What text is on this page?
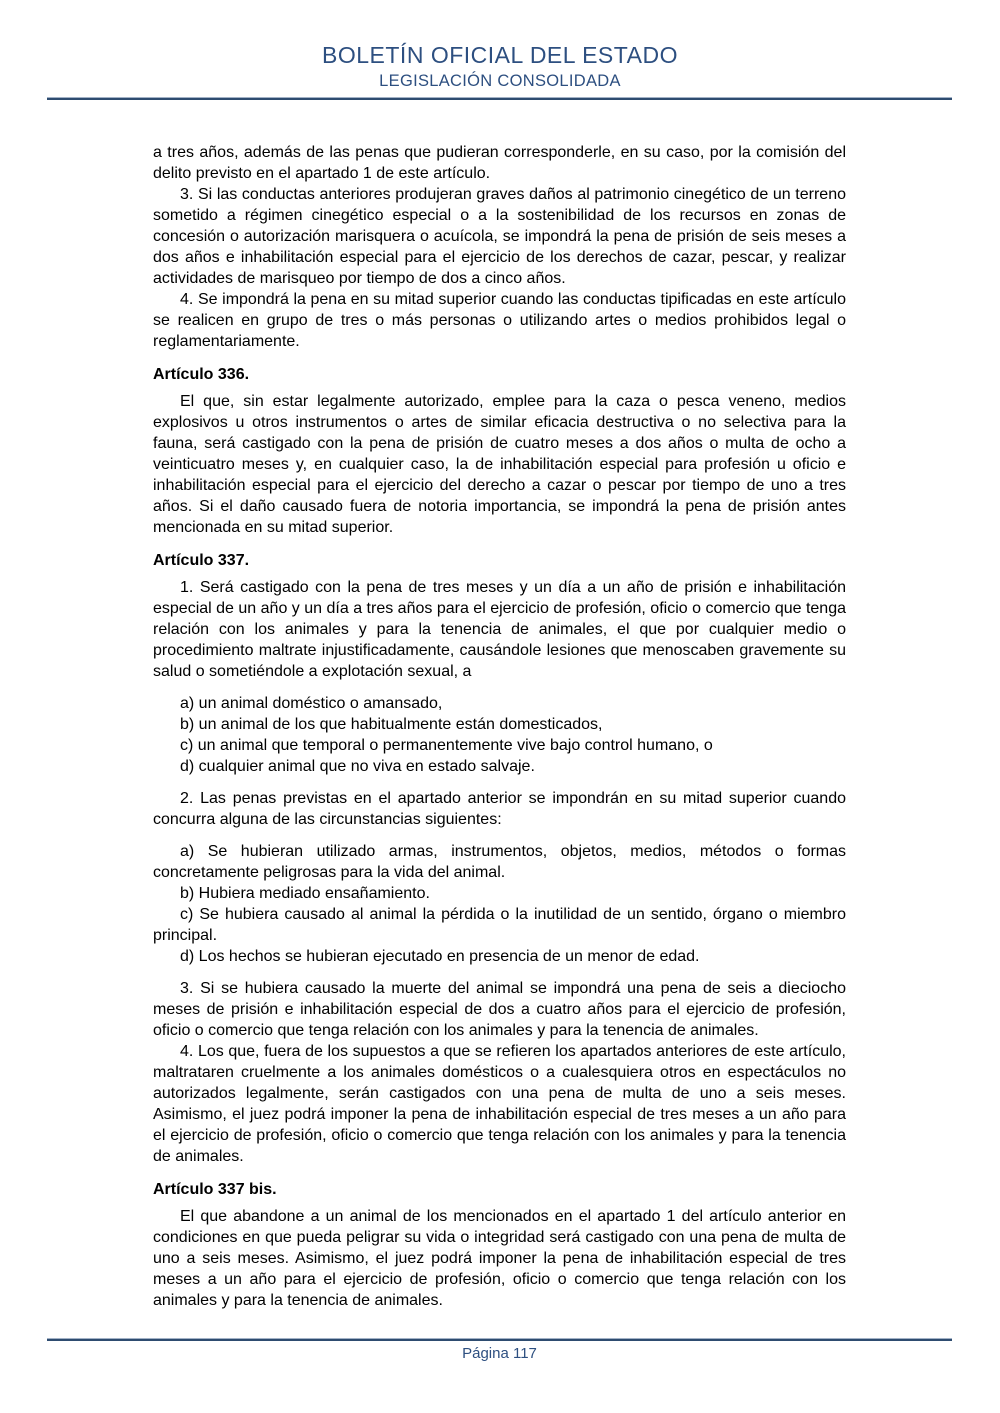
BOLETÍN OFICIAL DEL ESTADO
LEGISLACIÓN CONSOLIDADA

a tres años, además de las penas que pudieran corresponderle, en su caso, por la comisión del delito previsto en el apartado 1 de este artículo.

3. Si las conductas anteriores produjeran graves daños al patrimonio cinegético de un terreno sometido a régimen cinegético especial o a la sostenibilidad de los recursos en zonas de concesión o autorización marisquera o acuícola, se impondrá la pena de prisión de seis meses a dos años e inhabilitación especial para el ejercicio de los derechos de cazar, pescar, y realizar actividades de marisqueo por tiempo de dos a cinco años.

4. Se impondrá la pena en su mitad superior cuando las conductas tipificadas en este artículo se realicen en grupo de tres o más personas o utilizando artes o medios prohibidos legal o reglamentariamente.

Artículo 336.

El que, sin estar legalmente autorizado, emplee para la caza o pesca veneno, medios explosivos u otros instrumentos o artes de similar eficacia destructiva o no selectiva para la fauna, será castigado con la pena de prisión de cuatro meses a dos años o multa de ocho a veinticuatro meses y, en cualquier caso, la de inhabilitación especial para profesión u oficio e inhabilitación especial para el ejercicio del derecho a cazar o pescar por tiempo de uno a tres años. Si el daño causado fuera de notoria importancia, se impondrá la pena de prisión antes mencionada en su mitad superior.

Artículo 337.

1. Será castigado con la pena de tres meses y un día a un año de prisión e inhabilitación especial de un año y un día a tres años para el ejercicio de profesión, oficio o comercio que tenga relación con los animales y para la tenencia de animales, el que por cualquier medio o procedimiento maltrate injustificadamente, causándole lesiones que menoscaben gravemente su salud o sometiéndole a explotación sexual, a

a) un animal doméstico o amansado,

b) un animal de los que habitualmente están domesticados,

c) un animal que temporal o permanentemente vive bajo control humano, o

d) cualquier animal que no viva en estado salvaje.

2. Las penas previstas en el apartado anterior se impondrán en su mitad superior cuando concurra alguna de las circunstancias siguientes:

a) Se hubieran utilizado armas, instrumentos, objetos, medios, métodos o formas concretamente peligrosas para la vida del animal.

b) Hubiera mediado ensañamiento.

c) Se hubiera causado al animal la pérdida o la inutilidad de un sentido, órgano o miembro principal.

d) Los hechos se hubieran ejecutado en presencia de un menor de edad.

3. Si se hubiera causado la muerte del animal se impondrá una pena de seis a dieciocho meses de prisión e inhabilitación especial de dos a cuatro años para el ejercicio de profesión, oficio o comercio que tenga relación con los animales y para la tenencia de animales.

4. Los que, fuera de los supuestos a que se refieren los apartados anteriores de este artículo, maltrataren cruelmente a los animales domésticos o a cualesquiera otros en espectáculos no autorizados legalmente, serán castigados con una pena de multa de uno a seis meses. Asimismo, el juez podrá imponer la pena de inhabilitación especial de tres meses a un año para el ejercicio de profesión, oficio o comercio que tenga relación con los animales y para la tenencia de animales.

Artículo 337 bis.

El que abandone a un animal de los mencionados en el apartado 1 del artículo anterior en condiciones en que pueda peligrar su vida o integridad será castigado con una pena de multa de uno a seis meses. Asimismo, el juez podrá imponer la pena de inhabilitación especial de tres meses a un año para el ejercicio de profesión, oficio o comercio que tenga relación con los animales y para la tenencia de animales.

Página 117
